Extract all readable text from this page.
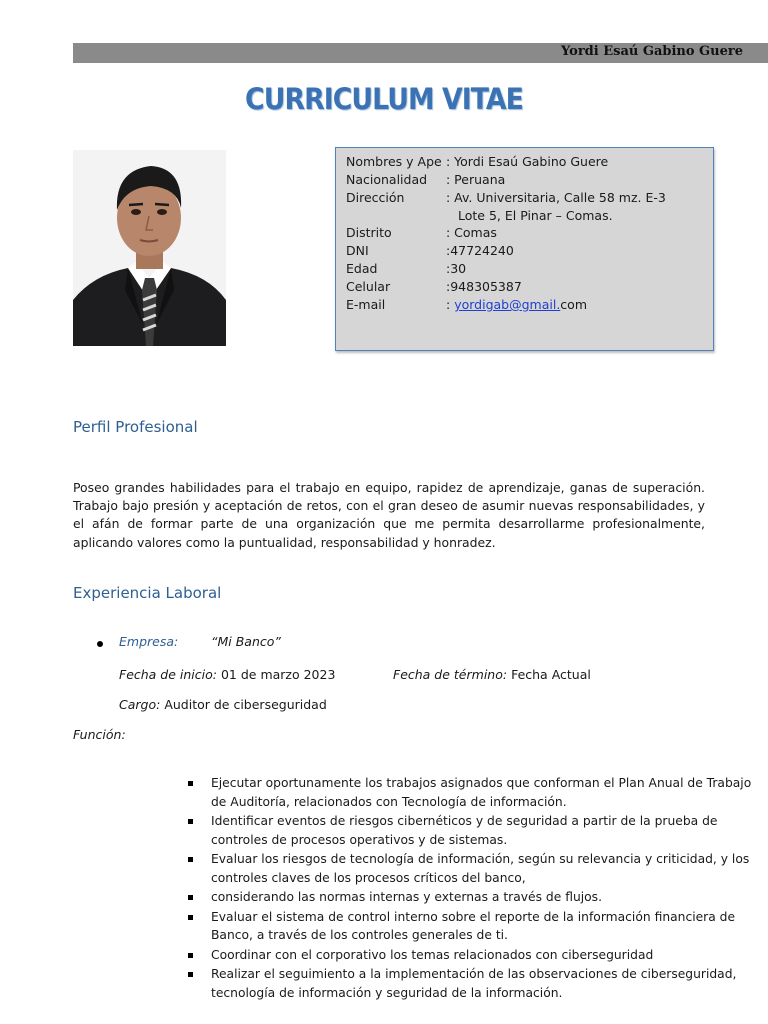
Yordi Esaú Gabino Guere
CURRICULUM VITAE
Nombres y Ape : Yordi Esaú Gabino Guere
Nacionalidad : Peruana
Dirección	: Av. Universitaria, Calle 58 mz. E-3
Lote 5, El Pinar – Comas.
Distrito	: Comas
DNI	:47724240
Edad	:30
Celular	:948305387
E-mail	: yordigab@gmail.com
Perfil Profesional
Poseo grandes habilidades para el trabajo en equipo, rapidez de aprendizaje, ganas de superación. Trabajo bajo presión y aceptación de retos, con el gran deseo de asumir nuevas responsabilidades, y el afán de formar parte de una organización que me permita desarrollarme profesionalmente, aplicando valores como la puntualidad, responsabilidad y honradez.
Experiencia Laboral
Empresa:	“Mi Banco”
Fecha de inicio: 01 de marzo 2023	Fecha de término: Fecha Actual
Cargo: Auditor de ciberseguridad
Función:
Ejecutar oportunamente los trabajos asignados que conforman el Plan Anual de Trabajo de Auditoría, relacionados con Tecnología de información.
Identificar eventos de riesgos cibernéticos y de seguridad a partir de la prueba de controles de procesos operativos y de sistemas.
Evaluar los riesgos de tecnología de información, según su relevancia y criticidad, y los controles claves de los procesos críticos del banco,
considerando las normas internas y externas a través de flujos.
Evaluar el sistema de control interno sobre el reporte de la información financiera de Banco, a través de los controles generales de ti.
Coordinar con el corporativo los temas relacionados con ciberseguridad
Realizar el seguimiento a la implementación de las observaciones de ciberseguridad, tecnología de información y seguridad de la información.
